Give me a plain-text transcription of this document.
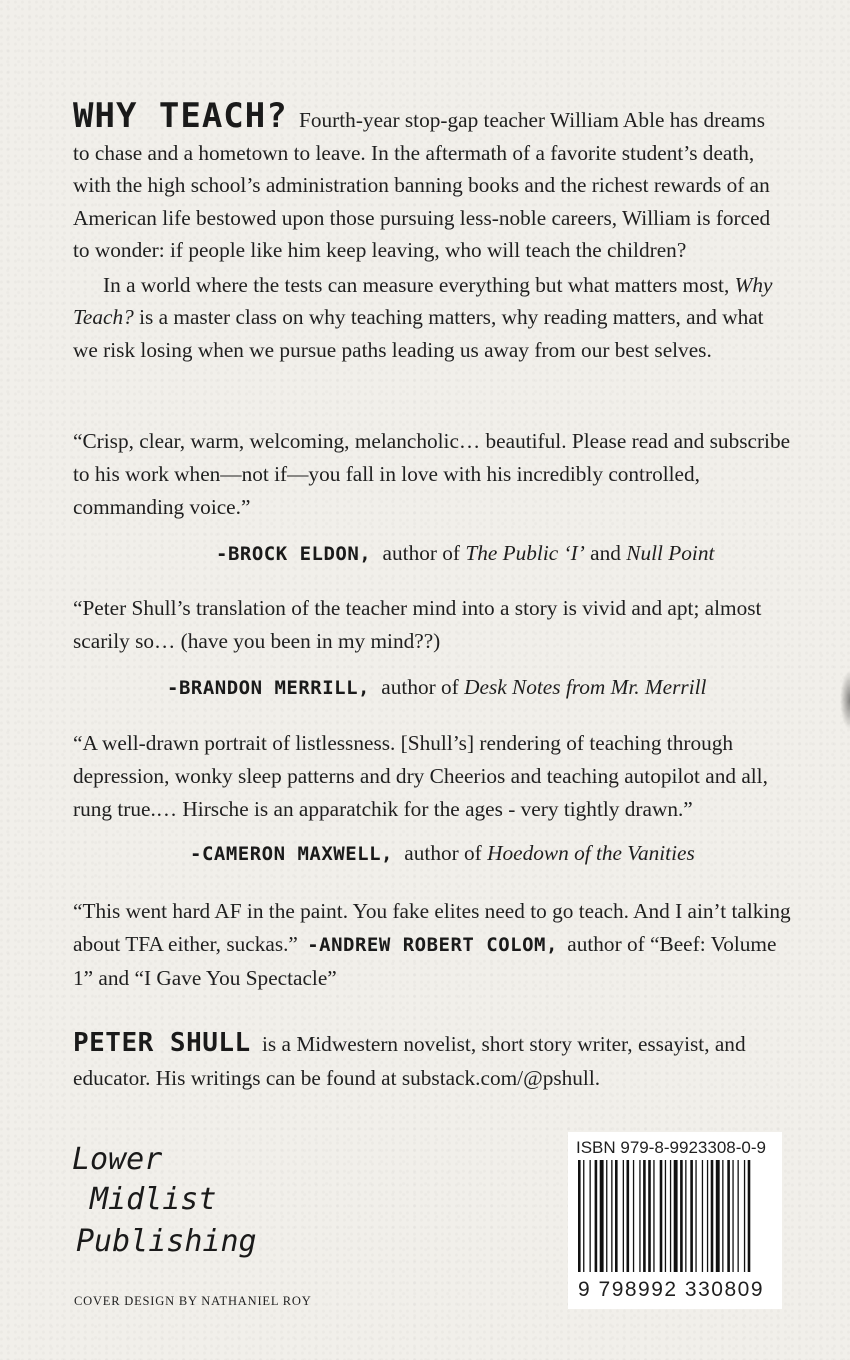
WHY TEACH? Fourth-year stop-gap teacher William Able has dreams to chase and a hometown to leave. In the aftermath of a favorite student’s death, with the high school’s administration banning books and the richest rewards of an American life bestowed upon those pursuing less-noble careers, William is forced to wonder: if people like him keep leaving, who will teach the children?

In a world where the tests can measure everything but what matters most, Why Teach? is a master class on why teaching matters, why reading matters, and what we risk losing when we pursue paths leading us away from our best selves.

“Crisp, clear, warm, welcoming, melancholic… beautiful. Please read and subscribe to his work when—not if—you fall in love with his incredibly controlled, commanding voice.”
-BROCK ELDON, author of The Public ‘I’ and Null Point
“Peter Shull’s translation of the teacher mind into a story is vivid and apt; almost scarily so… (have you been in my mind??)
-BRANDON MERRILL, author of Desk Notes from Mr. Merrill
“A well-drawn portrait of listlessness. [Shull’s] rendering of teaching through depression, wonky sleep patterns and dry Cheerios and teaching autopilot and all, rung true.… Hirsche is an apparatchik for the ages - very tightly drawn.”
-CAMERON MAXWELL, author of Hoedown of the Vanities
“This went hard AF in the paint. You fake elites need to go teach. And I ain’t talking about TFA either, suckas.” -ANDREW ROBERT COLOM, author of “Beef: Volume 1” and “I Gave You Spectacle”
PETER SHULL is a Midwestern novelist, short story writer, essayist, and educator. His writings can be found at substack.com/@pshull.
Lower
Midlist
Publishing
COVER DESIGN BY NATHANIEL ROY
ISBN 979-8-9923308-0-9
9 798992 330809
